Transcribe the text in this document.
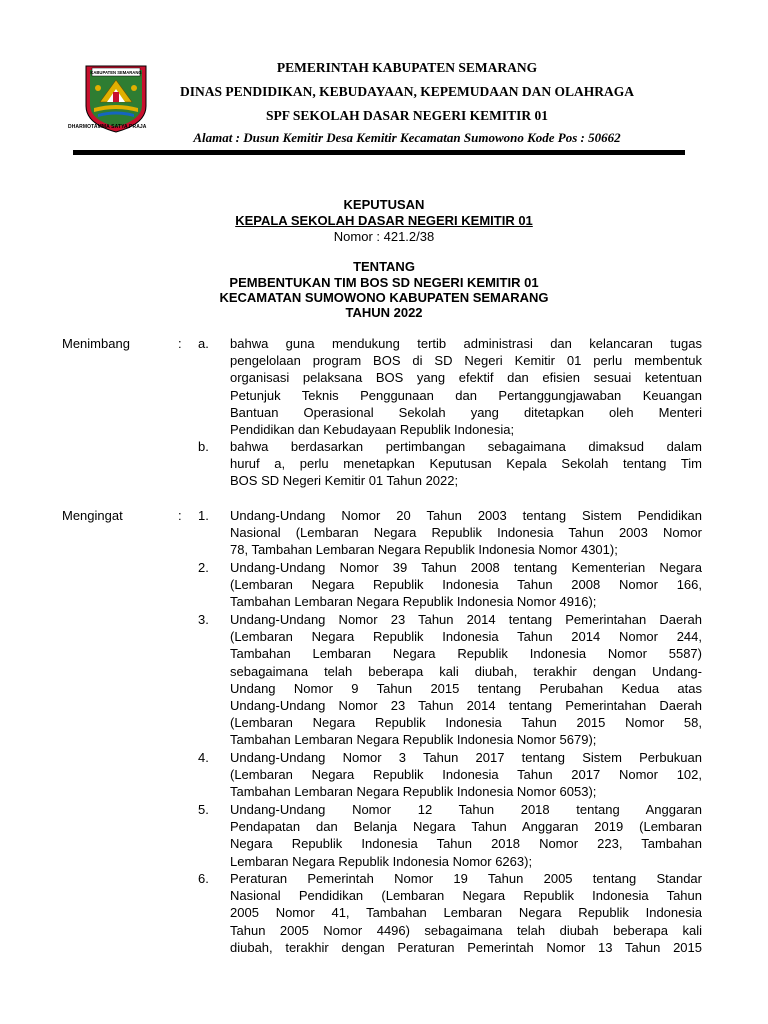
KABUPATEN SEMARANG
DHARMOTAMMA SATYA PRAJA
PEMERINTAH KABUPATEN SEMARANG
DINAS PENDIDIKAN, KEBUDAYAAN, KEPEMUDAAN DAN OLAHRAGA
SPF SEKOLAH DASAR NEGERI KEMITIR 01
Alamat : Dusun Kemitir Desa Kemitir Kecamatan Sumowono Kode Pos : 50662
KEPUTUSAN
KEPALA SEKOLAH DASAR NEGERI KEMITIR 01
Nomor : 421.2/38
TENTANG
PEMBENTUKAN TIM BOS SD NEGERI KEMITIR 01
KECAMATAN SUMOWONO KABUPATEN SEMARANG
TAHUN 2022
Menimbang	: a. bahwa guna mendukung tertib administrasi dan kelancaran tugas
pengelolaan program BOS di SD Negeri Kemitir 01 perlu membentuk
organisasi pelaksana BOS yang efektif dan efisien sesuai ketentuan
Petunjuk Teknis Penggunaan dan Pertanggungjawaban Keuangan
Bantuan Operasional Sekolah yang ditetapkan oleh Menteri
Pendidikan dan Kebudayaan Republik Indonesia;
b. bahwa berdasarkan pertimbangan sebagaimana dimaksud dalam
huruf a, perlu menetapkan Keputusan Kepala Sekolah tentang Tim
BOS SD Negeri Kemitir 01 Tahun 2022;
Mengingat	: 1. Undang-Undang Nomor 20 Tahun 2003 tentang Sistem Pendidikan
Nasional (Lembaran Negara Republik Indonesia Tahun 2003 Nomor
78, Tambahan Lembaran Negara Republik Indonesia Nomor 4301);
2. Undang-Undang Nomor 39 Tahun 2008 tentang Kementerian Negara
(Lembaran Negara Republik Indonesia Tahun 2008 Nomor 166,
Tambahan Lembaran Negara Republik Indonesia Nomor 4916);
3. Undang-Undang Nomor 23 Tahun 2014 tentang Pemerintahan Daerah
(Lembaran Negara Republik Indonesia Tahun 2014 Nomor 244,
Tambahan Lembaran Negara Republik Indonesia Nomor 5587)
sebagaimana telah beberapa kali diubah, terakhir dengan Undang-
Undang Nomor 9 Tahun 2015 tentang Perubahan Kedua atas
Undang-Undang Nomor 23 Tahun 2014 tentang Pemerintahan Daerah
(Lembaran Negara Republik Indonesia Tahun 2015 Nomor 58,
Tambahan Lembaran Negara Republik Indonesia Nomor 5679);
4. Undang-Undang Nomor 3 Tahun 2017 tentang Sistem Perbukuan
(Lembaran Negara Republik Indonesia Tahun 2017 Nomor 102,
Tambahan Lembaran Negara Republik Indonesia Nomor 6053);
5. Undang-Undang Nomor 12 Tahun 2018 tentang Anggaran
Pendapatan dan Belanja Negara Tahun Anggaran 2019 (Lembaran
Negara Republik Indonesia Tahun 2018 Nomor 223, Tambahan
Lembaran Negara Republik Indonesia Nomor 6263);
6. Peraturan Pemerintah Nomor 19 Tahun 2005 tentang Standar
Nasional Pendidikan (Lembaran Negara Republik Indonesia Tahun
2005 Nomor 41, Tambahan Lembaran Negara Republik Indonesia
Tahun 2005 Nomor 4496) sebagaimana telah diubah beberapa kali
diubah, terakhir dengan Peraturan Pemerintah Nomor 13 Tahun 2015
